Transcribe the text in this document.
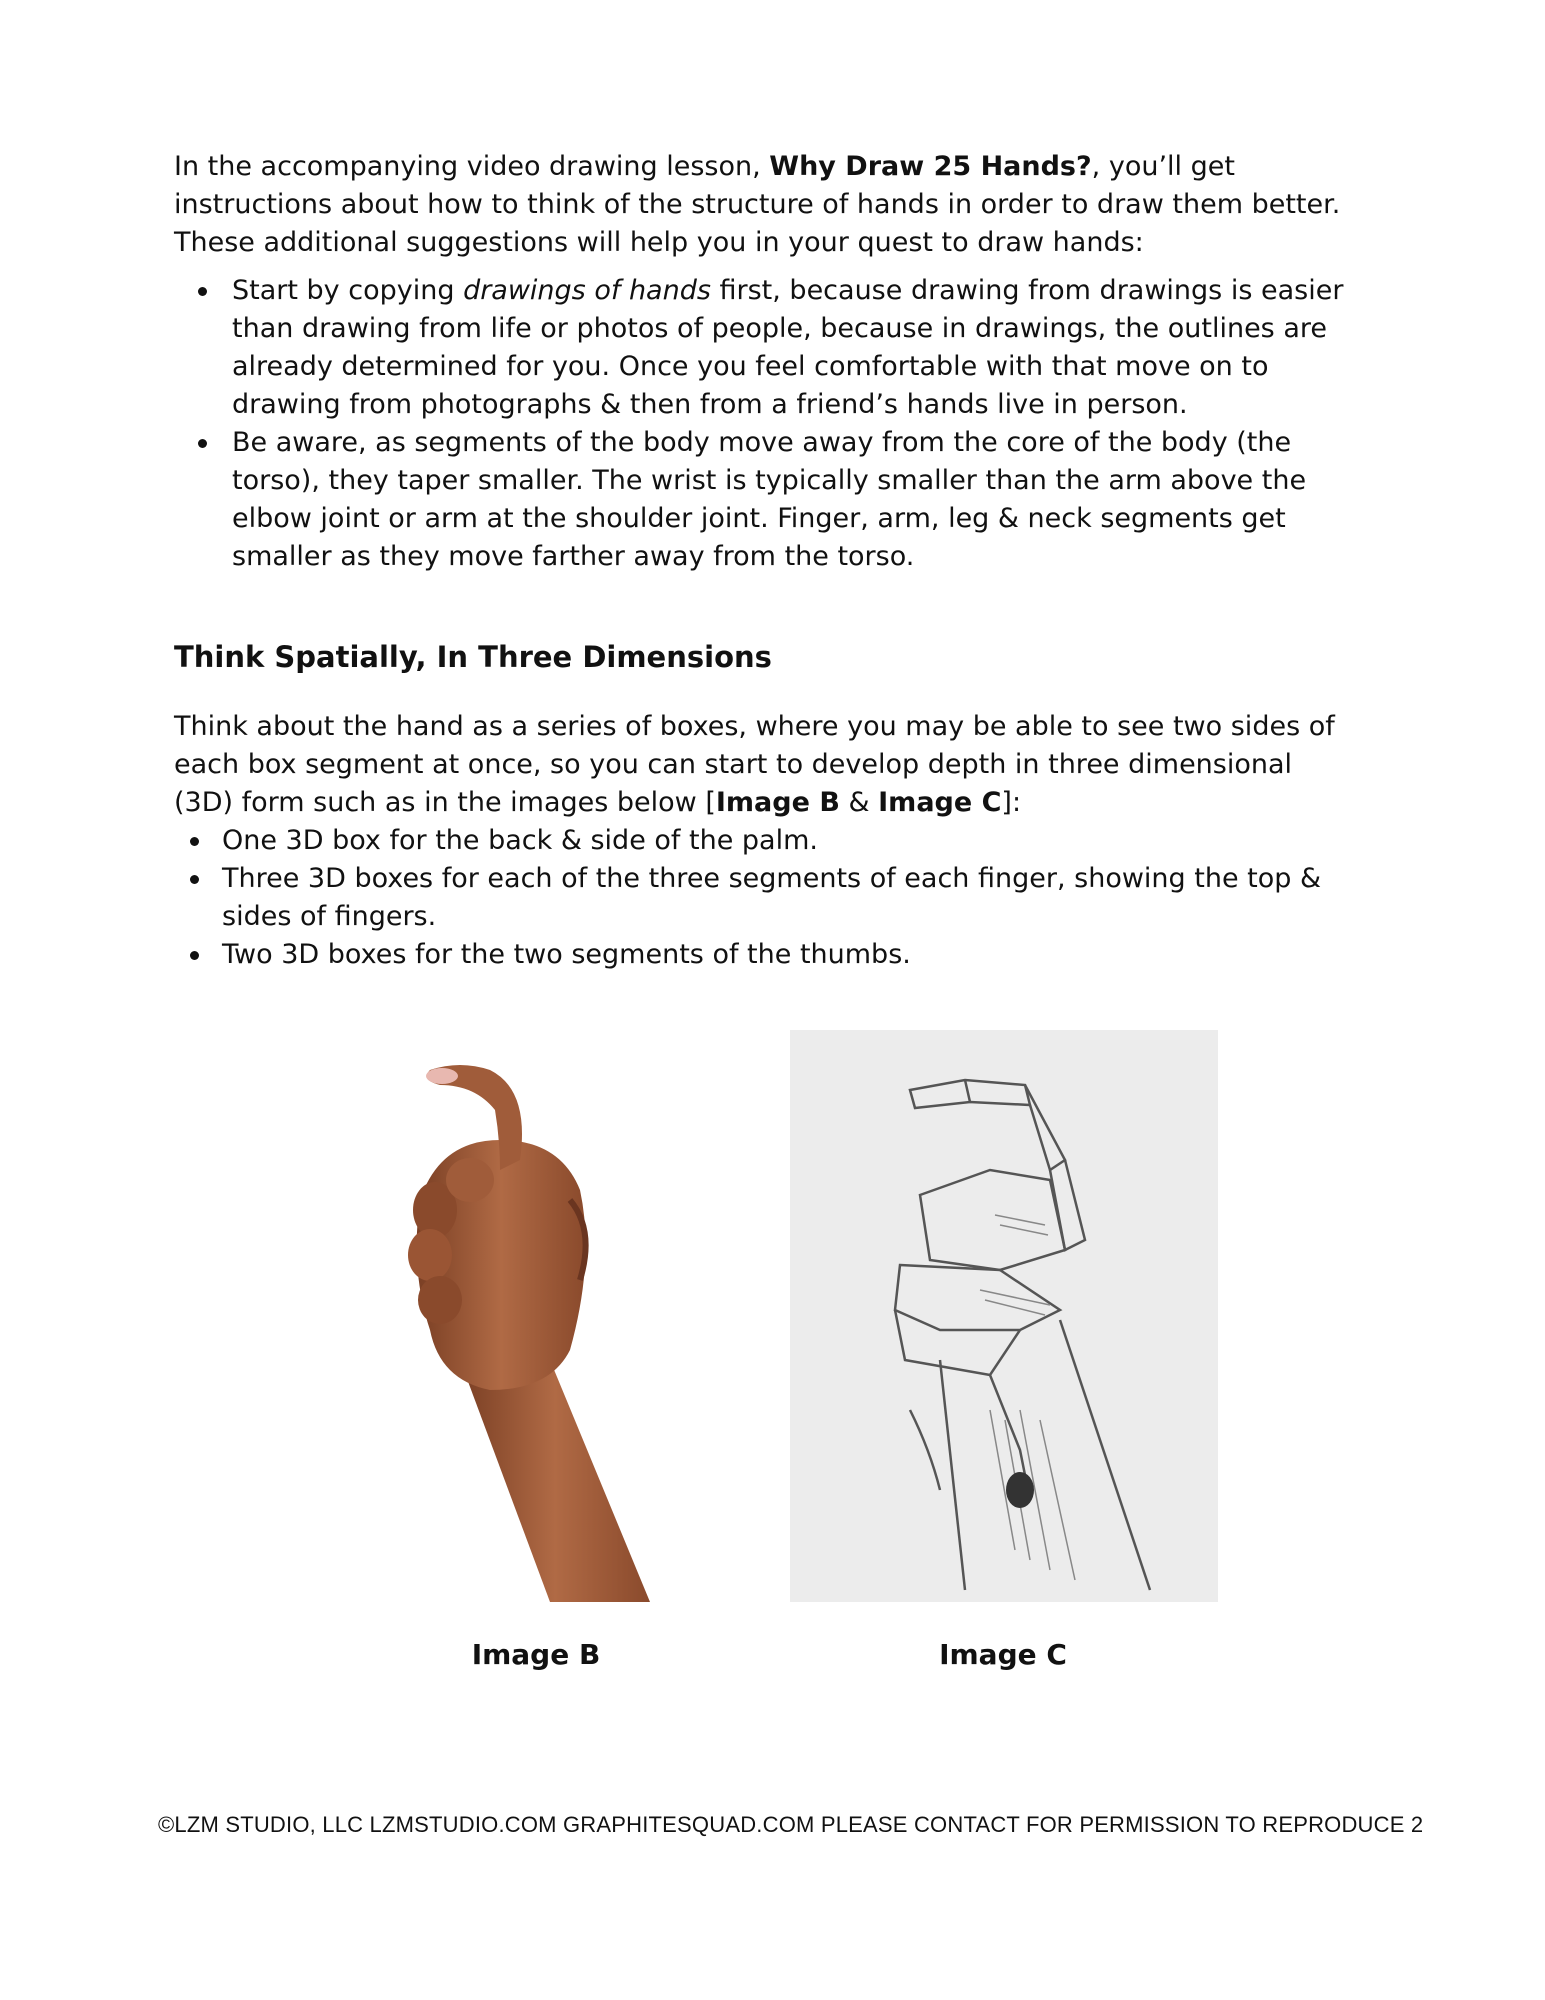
In the accompanying video drawing lesson, Why Draw 25 Hands?, you’ll get instructions about how to think of the structure of hands in order to draw them better. These additional suggestions will help you in your quest to draw hands:

Start by copying drawings of hands first, because drawing from drawings is easier than drawing from life or photos of people, because in drawings, the outlines are already determined for you. Once you feel comfortable with that move on to drawing from photographs & then from a friend’s hands live in person.
Be aware, as segments of the body move away from the core of the body (the torso), they taper smaller. The wrist is typically smaller than the arm above the elbow joint or arm at the shoulder joint. Finger, arm, leg & neck segments get smaller as they move farther away from the torso.
Think Spatially, In Three Dimensions

Think about the hand as a series of boxes, where you may be able to see two sides of each box segment at once, so you can start to develop depth in three dimensional (3D) form such as in the images below [Image B & Image C]:

One 3D box for the back & side of the palm.
Three 3D boxes for each of the three segments of each finger, showing the top & sides of fingers.
Two 3D boxes for the two segments of the thumbs.
Image B	Image C
©LZM STUDIO, LLC LZMSTUDIO.COM GRAPHITESQUAD.COM PLEASE CONTACT FOR PERMISSION TO REPRODUCE 2
